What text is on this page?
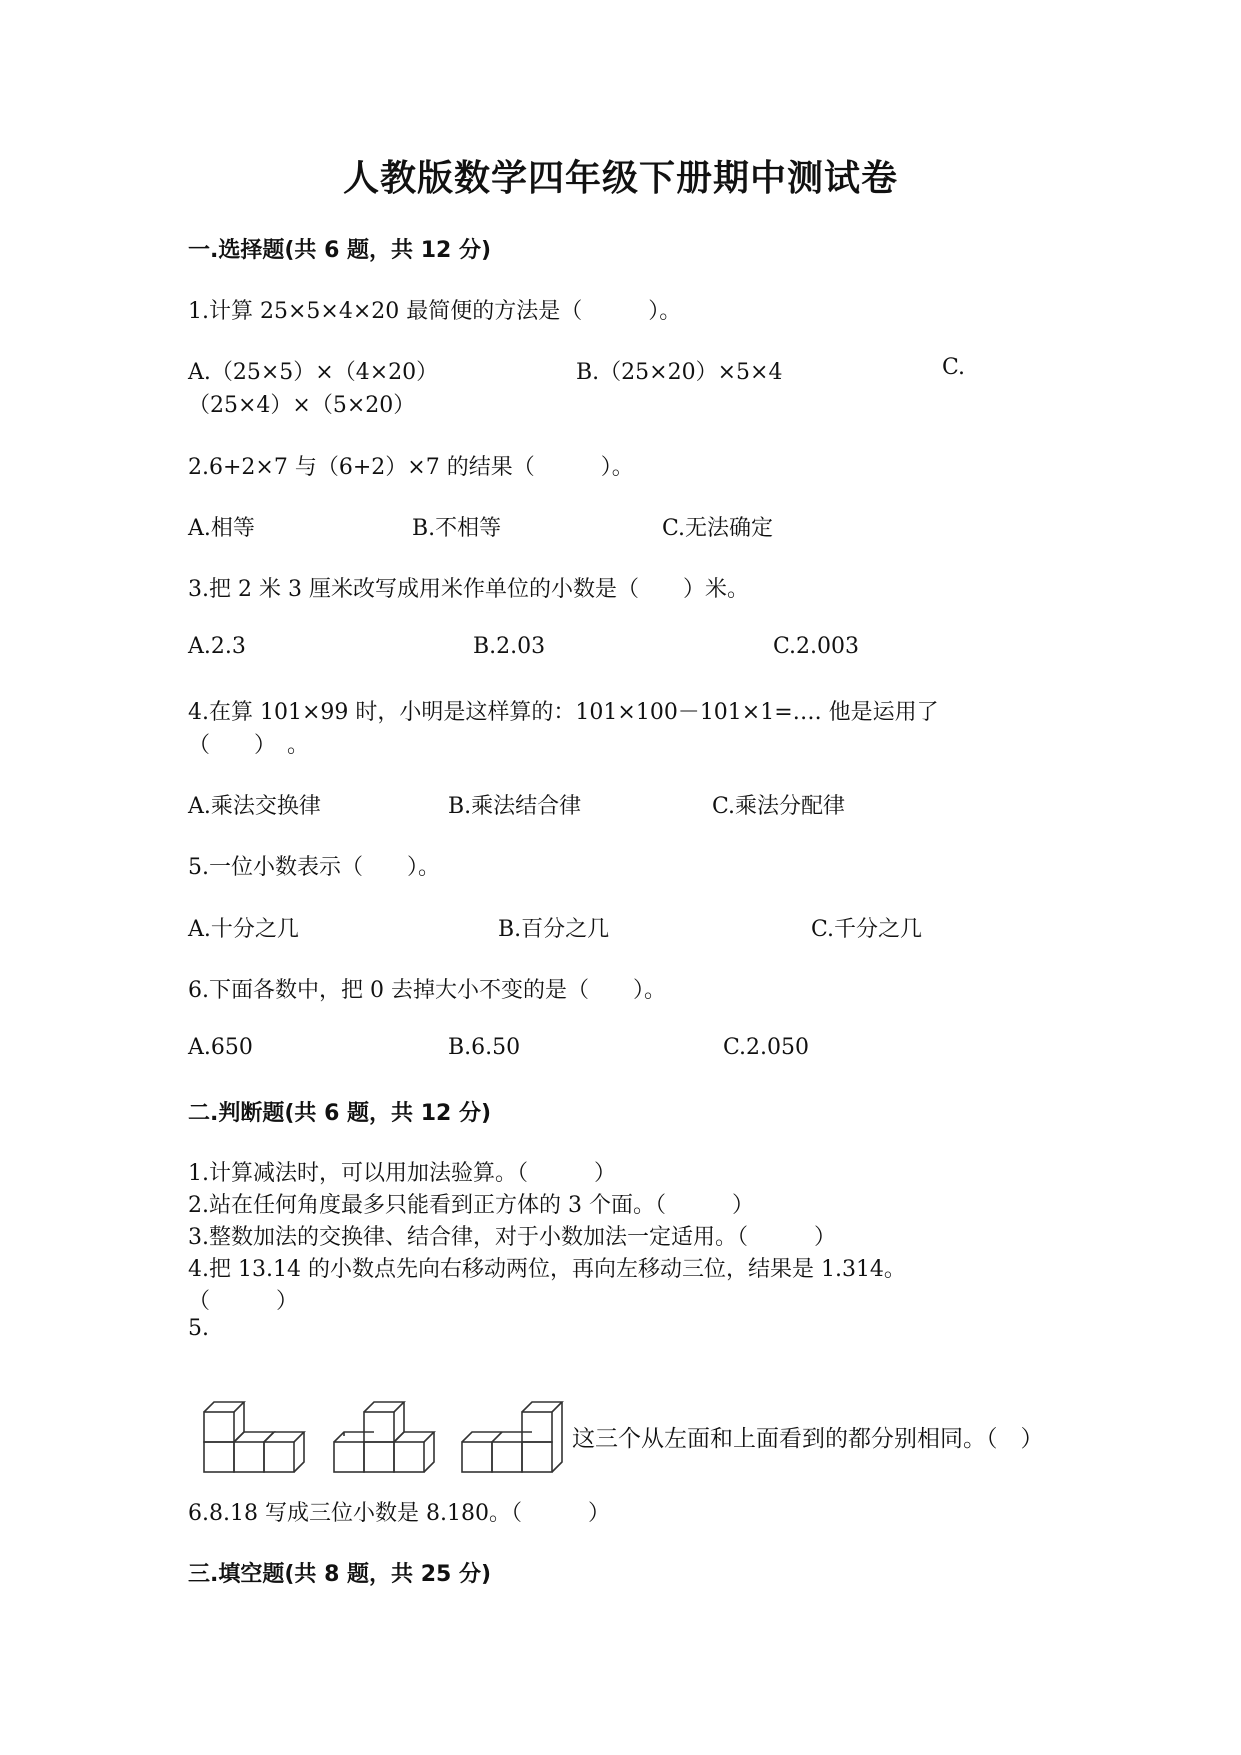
人教版数学四年级下册期中测试卷
一.选择题(共 6 题，共 12 分)
1.计算 25×5×4×20 最简便的方法是（　　　）。
A.（25×5）×（4×20）	B.（25×20）×5×4	C.
（25×4）×（5×20）
2.6+2×7 与（6+2）×7 的结果（　　　）。
A.相等	B.不相等	C.无法确定
3.把 2 米 3 厘米改写成用米作单位的小数是（　　）米。
A.2.3	B.2.03	C.2.003
4.在算 101×99 时，小明是这样算的：101×100－101×1=…. 他是运用了
（　　）　。
A.乘法交换律	B.乘法结合律	C.乘法分配律
5.一位小数表示（　　）。
A.十分之几	B.百分之几	C.千分之几
6.下面各数中，把 0 去掉大小不变的是（　　）。
A.650	B.6.50	C.2.050
二.判断题(共 6 题，共 12 分)
1.计算减法时，可以用加法验算。（　　　）
2.站在任何角度最多只能看到正方体的 3 个面。（　　　）
3.整数加法的交换律、结合律，对于小数加法一定适用。（　　　）
4.把 13.14 的小数点先向右移动两位，再向左移动三位，结果是 1.314。
（　　　）
5.
这三个从左面和上面看到的都分别相同。（　）
6.8.18 写成三位小数是 8.180。（　　　）
三.填空题(共 8 题，共 25 分)
